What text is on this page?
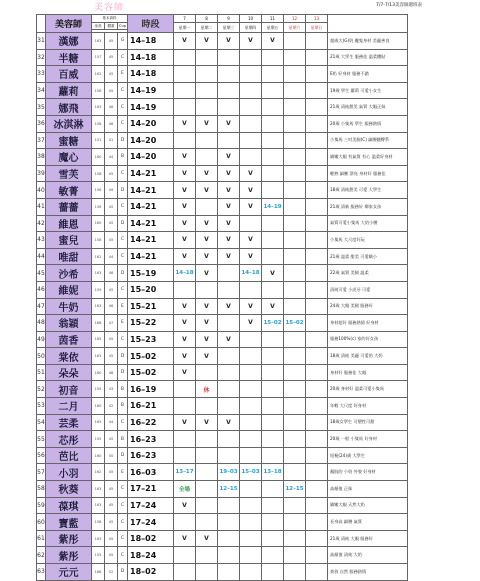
美容師	7/7-7/13美容師週班表
	美容師	基本資料			時段	7	8	9	10	11	12	13	
		身高	體重	Cup		星期一	星期二	星期三	星期四	星期五	星期六	星期日	

31	漢娜	163	45	G	14–18	V	V	V	V	V			超威大(G)奶 魔鬼身材 美麗善良
32	半糖	157	45	C	14–18								21歲 大學生 服務佳 溫柔體貼
33	百威	162	45	E	14–18								E奶 好身材 服務不錯
34	蘿莉	158	45	C	14–19								19歲 學生 蘿莉 可愛小女生
35	娜飛	163	46	C	14–19								21歲 清純甜美 氣質 大眼正妹
36	冰淇淋	158	46	C	14–20	V	V	V					20歲 小隻馬 學生 服務熱情
37	蜜糖	151	41	D	14–20								小隻馬 三吋美腿(C) 細腰翹臀系
38	魔心	160	44	B	14–20	V		V					嬌嫩大眼 有氣質 有心 溫柔好身材
39	雪芙	158	45	C	14–21	V	V	V	V				輕熟 細腰 漂亮 身材好 服務佳
40	敏菁	156	49	D	14–21	V	V	V	V				18歲 清純甜美 可愛 大學生
41	薔薔	156	45	C	14–21	V		V	V	14–19			21歲 清新 服務好 鄰家女孩
42	維恩	160	45	D	14–21	V	V	V					氣質可愛小隻馬 大奶小腰
43	蜜兒	158	45	C	14–21	V	V	V	V				小隻馬 大尺度好玩
44	唯甜	162	44	C	14–21	V	V	V	V				21歲 溫柔 甜美 可愛嬌小
45	沙希	163	46	D	15–19	14–18	V		14–18	V			22歲 氣質 美腿 溫柔
46	維妮	159	45	C	15–20								清純可愛 小虎牙 可愛
47	牛奶	163	46	E	15–21	V	V	V	V	V			24歲 大眼 美腿 服務好
48	翁穎	168	47	E	15–22	V	V		V	15–02	15–02		身材超好 服務熱情 好身材
49	茵香	165	45	C	15–23	V	V	V					服務100%(c) 家的好女孩
50	棠依	163	45	D	15–02	V	V						18歲 清純 美麗 可愛的 大奶
51	朵朵	160	48	D	15–02	V							身材好 服務佳 大眼
52	初音	155	43	B	16–19		休						20歲 身材好 溫柔可愛小隻馬
53	二月	160	42	B	16–21								年輕 大尺度 好身材
54	芸柔	165	44	C	16–22	V	V	V					18歲女學生 可塑性可甜
55	芯彤	155	45	B	16–23								20歲 一般 小隻馬 好身材
56	芭比	160	50	D	16–23								短髮(24)歲 大學生
57	小羽	162	45	E	16–03	13–17		19–03	15–03	13–18			靚肢的 小奶 外貌 好身材
58	秋葵	163	45	C	17–21	全場		12–15			12–15		高顏值 正妹
59	葆琪	163	45	C	17–24	V							嬌嫩大眼 天然大奶
60	寶藍	158	45	C	17–24								長身高 細腰 氣質
61	紫彤	163	45	C	18–02	V	V						21歲 清純 大眼 服務好
62	紫彤	155	45	C	18–24								高顏值 清純 大奶
63	元元	168	52	D	18–02								豪放 自然 服務熱情
